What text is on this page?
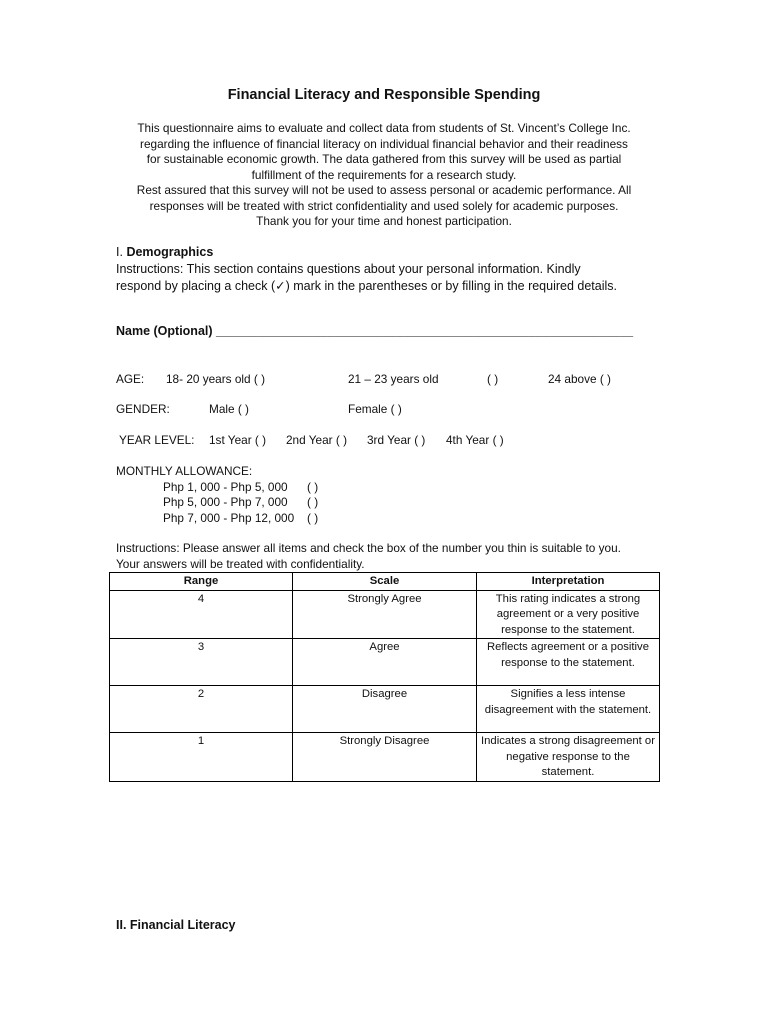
Financial Literacy and Responsible Spending

This questionnaire aims to evaluate and collect data from students of St. Vincent’s College Inc.

regarding the influence of financial literacy on individual financial behavior and their readiness

for sustainable economic growth. The data gathered from this survey will be used as partial

fulfillment of the requirements for a research study.

Rest assured that this survey will not be used to assess personal or academic performance. All

responses will be treated with strict confidentiality and used solely for academic purposes.

Thank you for your time and honest participation.

I. Demographics

Instructions: This section contains questions about your personal information. Kindly

respond by placing a check (✓) mark in the parentheses or by filling in the required details.

Name (Optional) ____________________________________________________________
AGE: 18- 20 years old ( )	21 – 23 years old	( )	24 above ( )
GENDER:	Male ( )	Female ( )
YEAR LEVEL: 1st Year ( ) 2nd Year ( ) 3rd Year ( ) 4th Year ( )
MONTHLY ALLOWANCE:
Php 1, 000 - Php 5, 000 ( )
Php 5, 000 - Php 7, 000 ( )
Php 7, 000 - Php 12, 000 ( )

Instructions: Please answer all items and check the box of the number you thin is suitable to you.

Your answers will be treated with confidentiality.

Range	Scale	Interpretation
4	Strongly Agree	This rating indicates a strong agreement or a very positive response to the statement.
3	Agree	Reflects agreement or a positive response to the statement.
2	Disagree	Signifies a less intense disagreement with the statement.
1	Strongly Disagree	Indicates a strong disagreement or negative response to the statement.
II. Financial Literacy
